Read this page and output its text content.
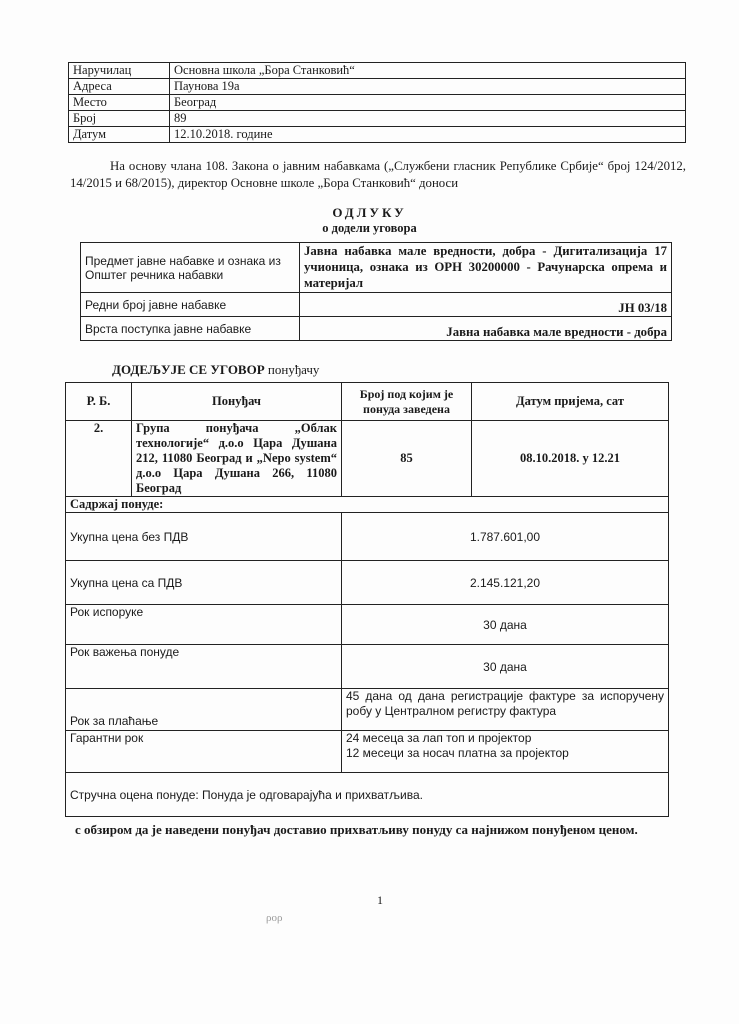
Наручилац	Основна школа „Бора Станковић“
Адреса	Паунова 19а
Место	Београд
Број	89
Датум	12.10.2018. године

На основу члана 108. Закона о јавним набавкама („Службени гласник Републике Србије“ број 124/2012, 14/2015 и 68/2015), директор Основне школе „Бора Станковић“ доноси

ОДЛУКУ

о додели уговора

Предмет јавне набавке и ознака из Општег речника набавки	Јавна набавка мале вредности, добра - Дигитализација 17 учионица, ознака из ОРН 30200000 - Рачунарска опрема и материјал
Редни број јавне набавке	ЈН 03/18
Врста поступка јавне набавке	Јавна набавка мале вредности - добра

ДОДЕЉУЈЕ СЕ УГОВОР понуђачу

Р. Б.	Понуђач	Број под којим је понуда заведена	Датум пријема, сат
2.	Група понуђача „Облак технологије“ д.о.о Цара Душана 212, 11080 Београд и „Nepo system“ д.о.о Цара Душана 266, 11080 Београд	85	08.10.2018. у 12.21
Садржај понуде:			
Укупна цена без ПДВ		1.787.601,00	
Укупна цена са ПДВ		2.145.121,20	
Рок испоруке		30 дана	
Рок важења понуде		30 дана	
Рок за плаћање		45 дана од дана регистрације фактуре за испоручену робу у Централном регистру фактура	
Гарантни рок		24 месеца за лап топ и пројектор
12 месеци за носач платна за пројектор	

Стручна оцена понуде: Понуда је одговарајућа и прихватљива.			

с обзиром да је наведени понуђач доставио прихватљиву понуду са најнижом понуђеном ценом.

1

ρορ
